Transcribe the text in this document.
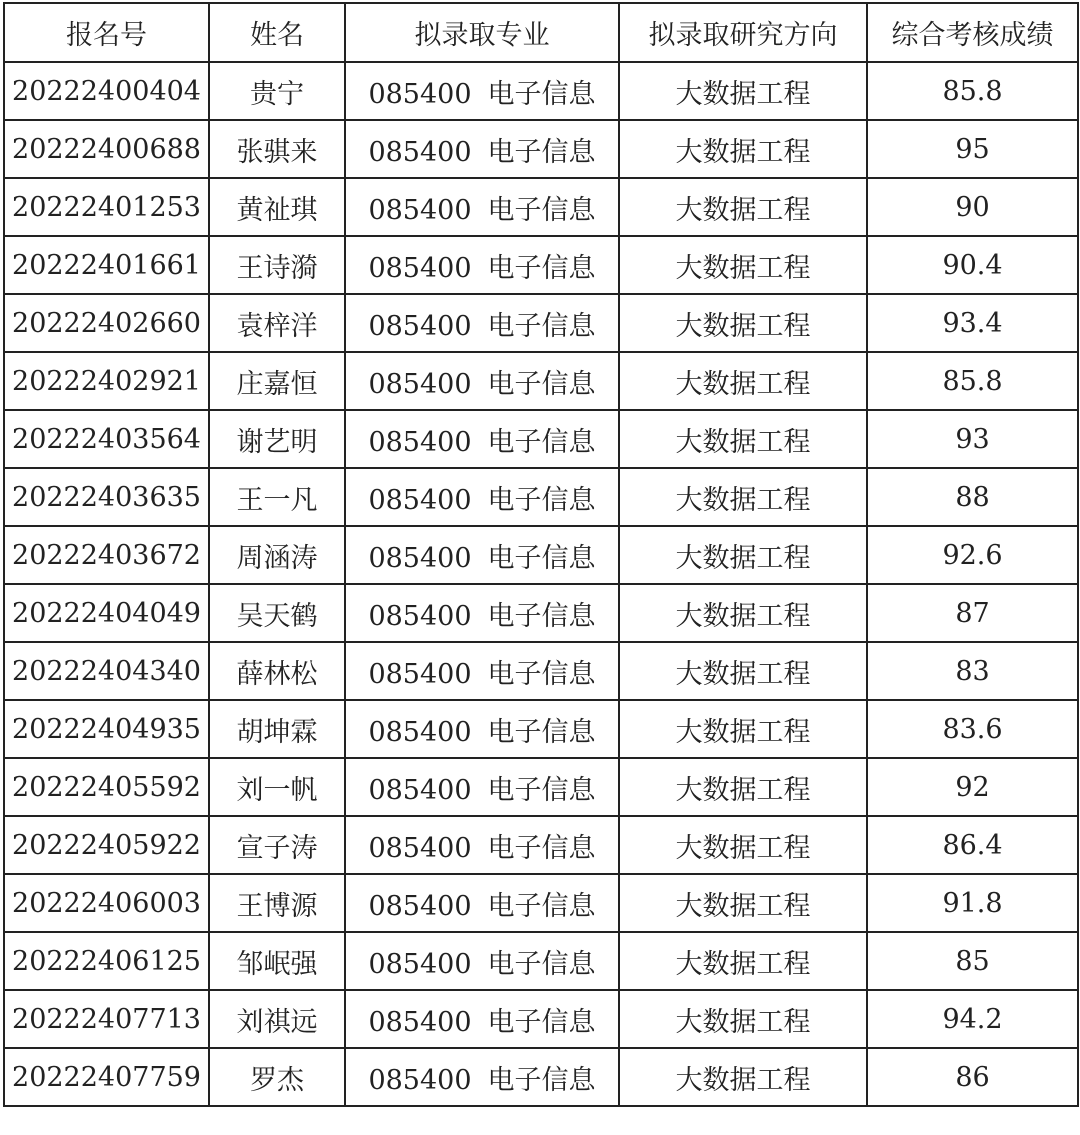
报名号	姓名	拟录取专业	拟录取研究方向	综合考核成绩
20222400404	贵宁	085400 电子信息	大数据工程	85.8
20222400688	张骐来	085400 电子信息	大数据工程	95
20222401253	黄祉琪	085400 电子信息	大数据工程	90
20222401661	王诗漪	085400 电子信息	大数据工程	90.4
20222402660	袁梓洋	085400 电子信息	大数据工程	93.4
20222402921	庄嘉恒	085400 电子信息	大数据工程	85.8
20222403564	谢艺明	085400 电子信息	大数据工程	93
20222403635	王一凡	085400 电子信息	大数据工程	88
20222403672	周涵涛	085400 电子信息	大数据工程	92.6
20222404049	吴天鹤	085400 电子信息	大数据工程	87
20222404340	薛林松	085400 电子信息	大数据工程	83
20222404935	胡坤霖	085400 电子信息	大数据工程	83.6
20222405592	刘一帆	085400 电子信息	大数据工程	92
20222405922	宣子涛	085400 电子信息	大数据工程	86.4
20222406003	王博源	085400 电子信息	大数据工程	91.8
20222406125	邹岷强	085400 电子信息	大数据工程	85
20222407713	刘祺远	085400 电子信息	大数据工程	94.2
20222407759	罗杰	085400 电子信息	大数据工程	86
